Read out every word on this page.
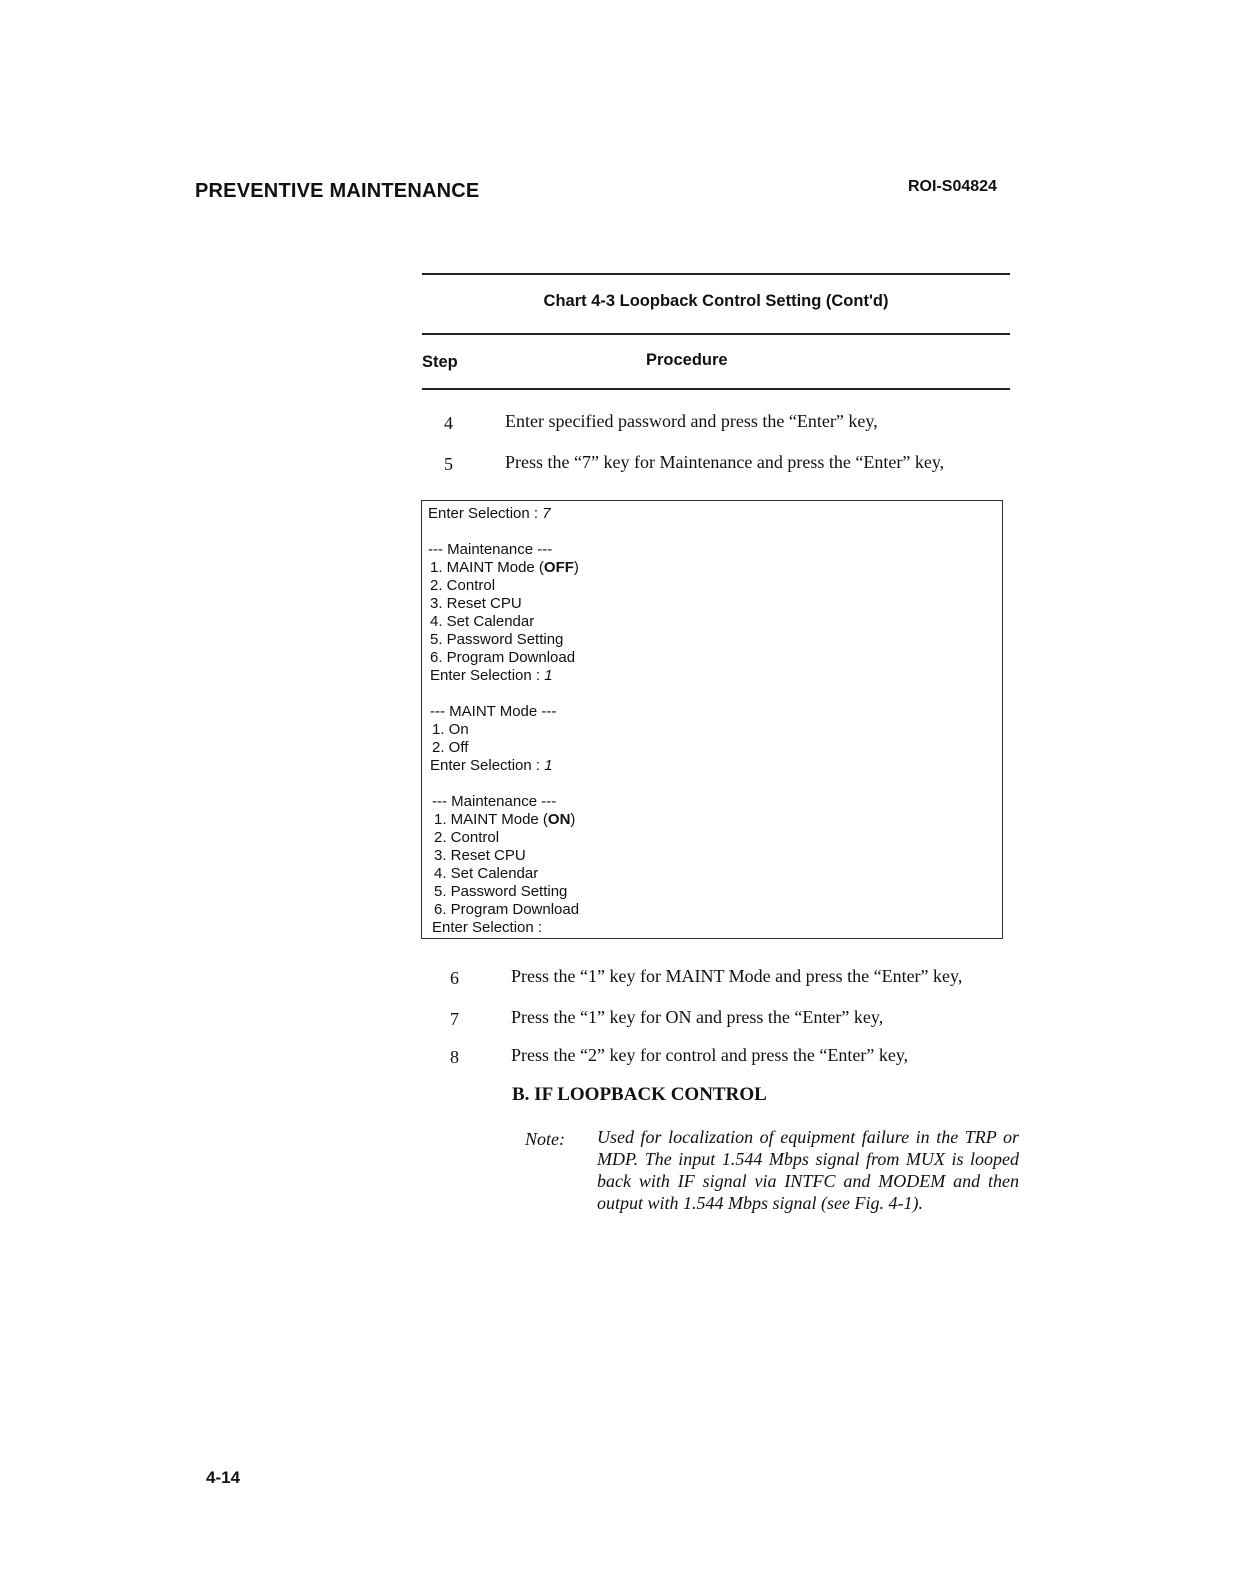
PREVENTIVE MAINTENANCE	ROI-S04824
Chart 4-3 Loopback Control Setting (Cont'd)
Step	Procedure
4	Enter specified password and press the “Enter” key,
5	Press the “7” key for Maintenance and press the “Enter” key,
Enter Selection : 7
--- Maintenance ---
1. MAINT Mode (OFF)
2. Control
3. Reset CPU
4. Set Calendar
5. Password Setting
6. Program Download
Enter Selection : 1
--- MAINT Mode ---
1. On
2. Off
Enter Selection : 1
--- Maintenance ---
1. MAINT Mode (ON)
2. Control
3. Reset CPU
4. Set Calendar
5. Password Setting
6. Program Download
Enter Selection :
6	Press the “1” key for MAINT Mode and press the “Enter” key,
7	Press the “1” key for ON and press the “Enter” key,
8	Press the “2” key for control and press the “Enter” key,
B. IF LOOPBACK CONTROL
Note: Used for localization of equipment failure in the TRP or MDP. The input 1.544 Mbps signal from MUX is looped back with IF signal via INTFC and MODEM and then output with 1.544 Mbps signal (see Fig. 4-1).
4-14
